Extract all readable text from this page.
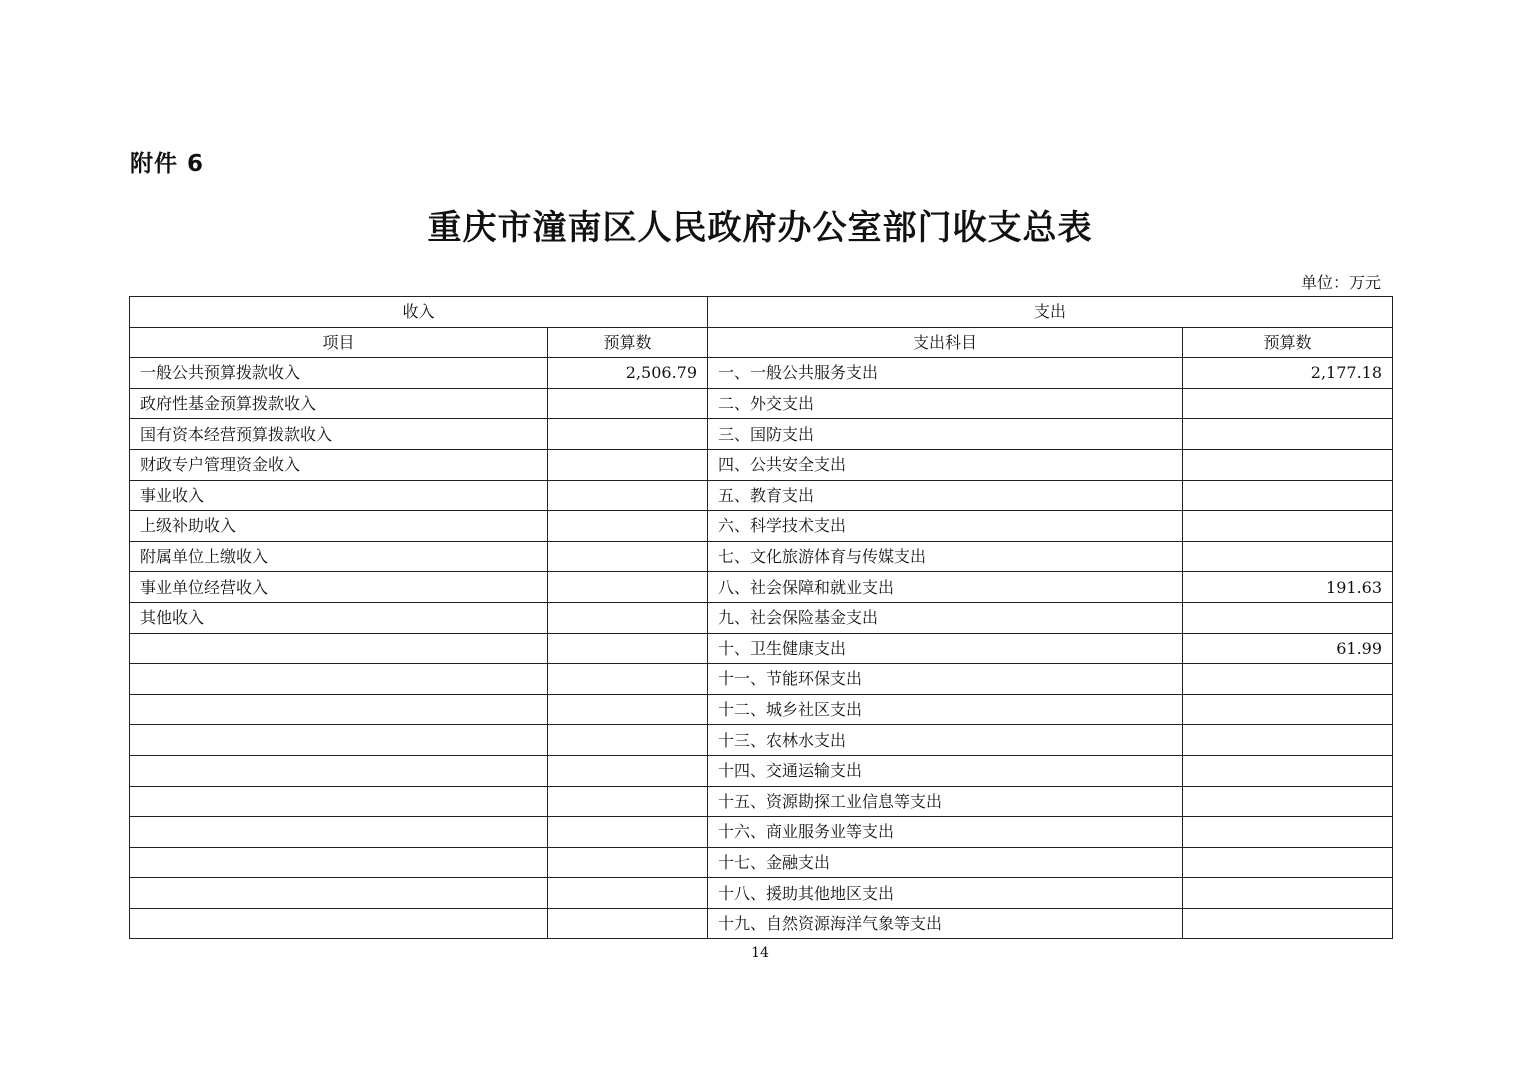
附件 6
重庆市潼南区人民政府办公室部门收支总表
单位：万元
收入		支出	
项目	预算数	支出科目	预算数
一般公共预算拨款收入	2,506.79	一、一般公共服务支出	2,177.18
政府性基金预算拨款收入		二、外交支出	
国有资本经营预算拨款收入		三、国防支出	
财政专户管理资金收入		四、公共安全支出	
事业收入		五、教育支出	
上级补助收入		六、科学技术支出	
附属单位上缴收入		七、文化旅游体育与传媒支出	
事业单位经营收入		八、社会保障和就业支出	191.63
其他收入		九、社会保险基金支出	
		十、卫生健康支出	61.99
		十一、节能环保支出	
		十二、城乡社区支出	
		十三、农林水支出	
		十四、交通运输支出	
		十五、资源勘探工业信息等支出	
		十六、商业服务业等支出	
		十七、金融支出	
		十八、援助其他地区支出	
		十九、自然资源海洋气象等支出	
14
